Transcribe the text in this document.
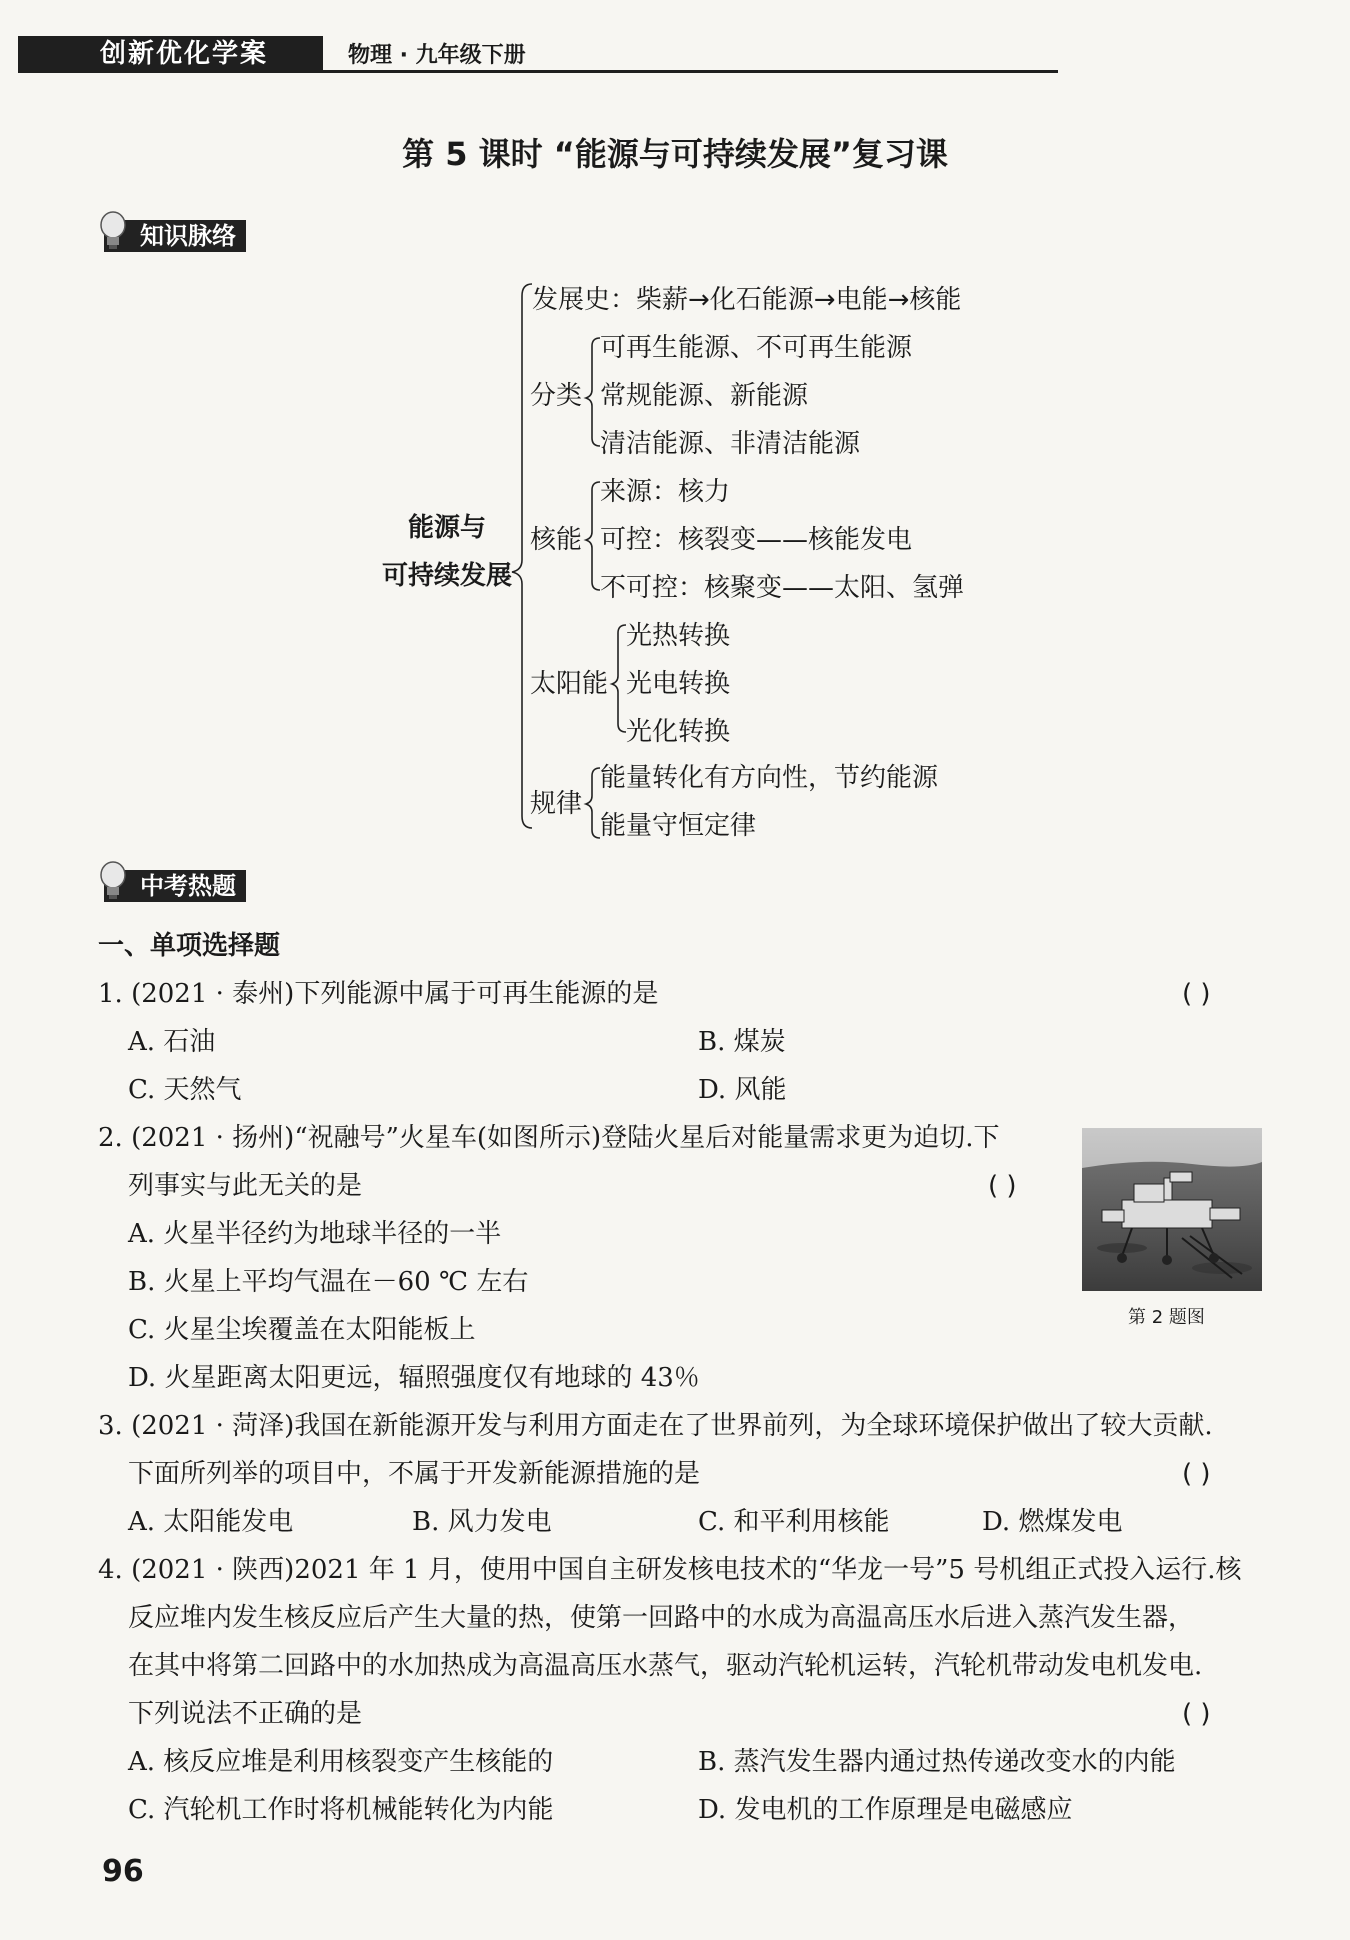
创新优化学案	物理 · 九年级下册
第 5 课时 “能源与可持续发展”复习课
知识脉络
能源与
可持续发展
发展史：柴薪→化石能源→电能→核能
分类
可再生能源、不可再生能源
常规能源、新能源
清洁能源、非清洁能源
核能
来源：核力
可控：核裂变——核能发电
不可控：核聚变——太阳、氢弹
太阳能
光热转换
光电转换
光化转换
规律
能量转化有方向性，节约能源
能量守恒定律
中考热题
一、单项选择题
1. (2021 · 泰州)下列能源中属于可再生能源的是	( )
A. 石油	B. 煤炭
C. 天然气	D. 风能
2. (2021 · 扬州)“祝融号”火星车(如图所示)登陆火星后对能量需求更为迫切.下
列事实与此无关的是	( )
A. 火星半径约为地球半径的一半
B. 火星上平均气温在－60 ℃ 左右
C. 火星尘埃覆盖在太阳能板上
D. 火星距离太阳更远，辐照强度仅有地球的 43％
第 2 题图
3. (2021 · 菏泽)我国在新能源开发与利用方面走在了世界前列，为全球环境保护做出了较大贡献.
下面所列举的项目中，不属于开发新能源措施的是	( )
A. 太阳能发电	B. 风力发电	C. 和平利用核能	D. 燃煤发电
4. (2021 · 陕西)2021 年 1 月，使用中国自主研发核电技术的“华龙一号”5 号机组正式投入运行.核
反应堆内发生核反应后产生大量的热，使第一回路中的水成为高温高压水后进入蒸汽发生器，
在其中将第二回路中的水加热成为高温高压水蒸气，驱动汽轮机运转，汽轮机带动发电机发电.
下列说法不正确的是	( )
A. 核反应堆是利用核裂变产生核能的	B. 蒸汽发生器内通过热传递改变水的内能
C. 汽轮机工作时将机械能转化为内能	D. 发电机的工作原理是电磁感应
96
